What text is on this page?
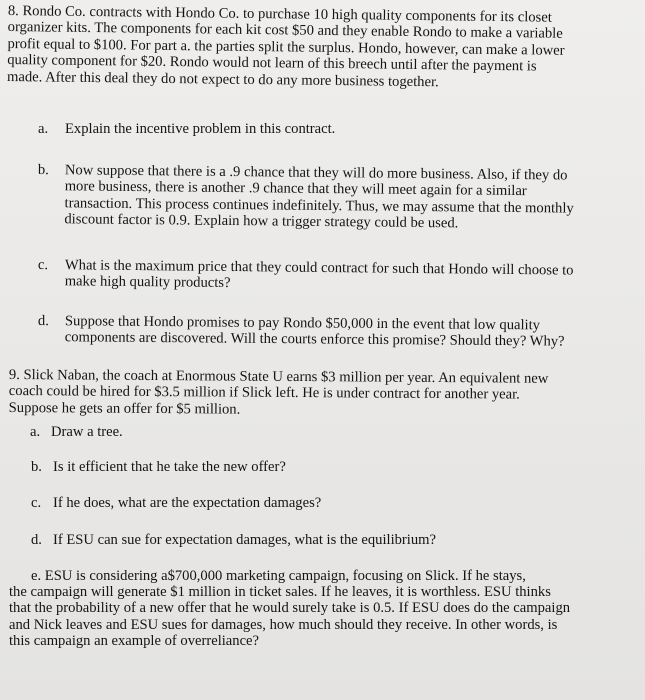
8. Rondo Co. contracts with Hondo Co. to purchase 10 high quality components for its closet
organizer kits. The components for each kit cost $50 and they enable Rondo to make a variable
profit equal to $100. For part a. the parties split the surplus. Hondo, however, can make a lower
quality component for $20. Rondo would not learn of this breech until after the payment is
made. After this deal they do not expect to do any more business together.
a. Explain the incentive problem in this contract.
b. Now suppose that there is a .9 chance that they will do more business. Also, if they do
more business, there is another .9 chance that they will meet again for a similar
transaction. This process continues indefinitely. Thus, we may assume that the monthly
discount factor is 0.9. Explain how a trigger strategy could be used.
c. What is the maximum price that they could contract for such that Hondo will choose to
make high quality products?
d. Suppose that Hondo promises to pay Rondo $50,000 in the event that low quality
components are discovered. Will the courts enforce this promise? Should they? Why?
9. Slick Naban, the coach at Enormous State U earns $3 million per year. An equivalent new
coach could be hired for $3.5 million if Slick left. He is under contract for another year.
Suppose he gets an offer for $5 million.
a. Draw a tree.
b. Is it efficient that he take the new offer?
c. If he does, what are the expectation damages?
d. If ESU can sue for expectation damages, what is the equilibrium?
e. ESU is considering a$700,000 marketing campaign, focusing on Slick. If he stays,
the campaign will generate $1 million in ticket sales. If he leaves, it is worthless. ESU thinks
that the probability of a new offer that he would surely take is 0.5. If ESU does do the campaign
and Nick leaves and ESU sues for damages, how much should they receive. In other words, is
this campaign an example of overreliance?
